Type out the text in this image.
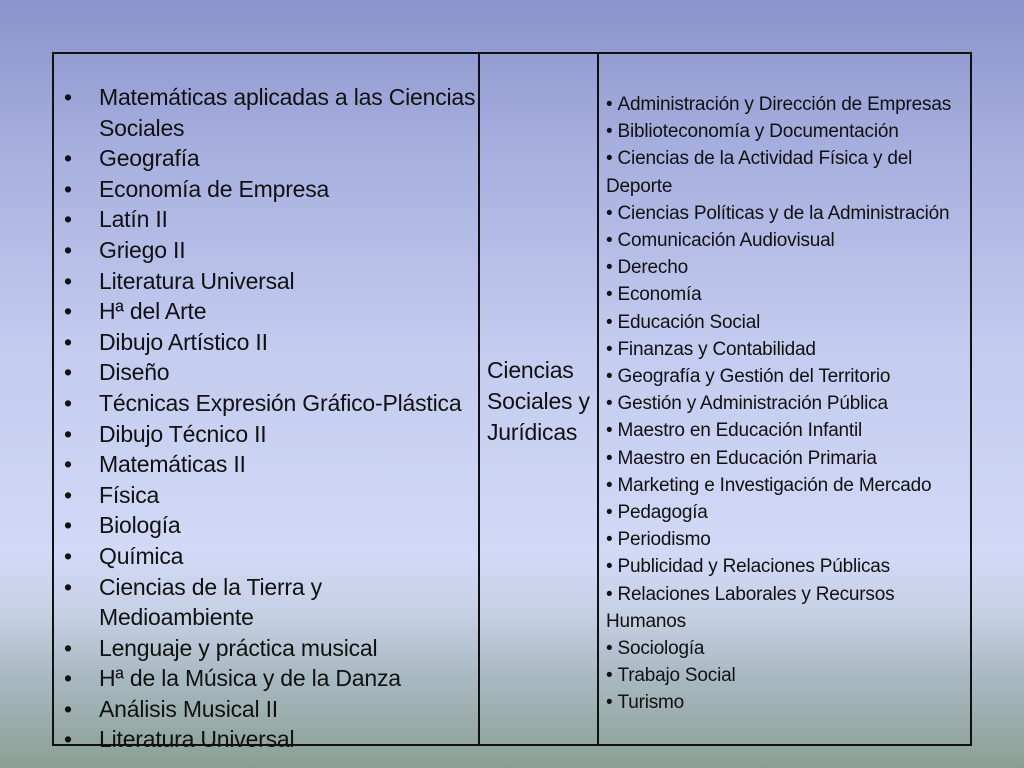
• Matemáticas aplicadas a las Ciencias Sociales
• Geografía
• Economía de Empresa
• Latín II
• Griego II
• Literatura Universal
• Hª del Arte
• Dibujo Artístico II
• Diseño
• Técnicas Expresión Gráfico-Plástica
• Dibujo Técnico II
• Matemáticas II
• Física
• Biología
• Química
• Ciencias de la Tierra y Medioambiente
• Lenguaje y práctica musical
• Hª de la Música y de la Danza
• Análisis Musical II
• Literatura Universal
Ciencias Sociales y Jurídicas
• Administración y Dirección de Empresas
• Biblioteconomía y Documentación
• Ciencias de la Actividad Física y del Deporte
• Ciencias Políticas y de la Administración
• Comunicación Audiovisual
• Derecho
• Economía
• Educación Social
• Finanzas y Contabilidad
• Geografía y Gestión del Territorio
• Gestión y Administración Pública
• Maestro en Educación Infantil
• Maestro en Educación Primaria
• Marketing e Investigación de Mercado
• Pedagogía
• Periodismo
• Publicidad y Relaciones Públicas
• Relaciones Laborales y Recursos Humanos
• Sociología
• Trabajo Social
• Turismo
